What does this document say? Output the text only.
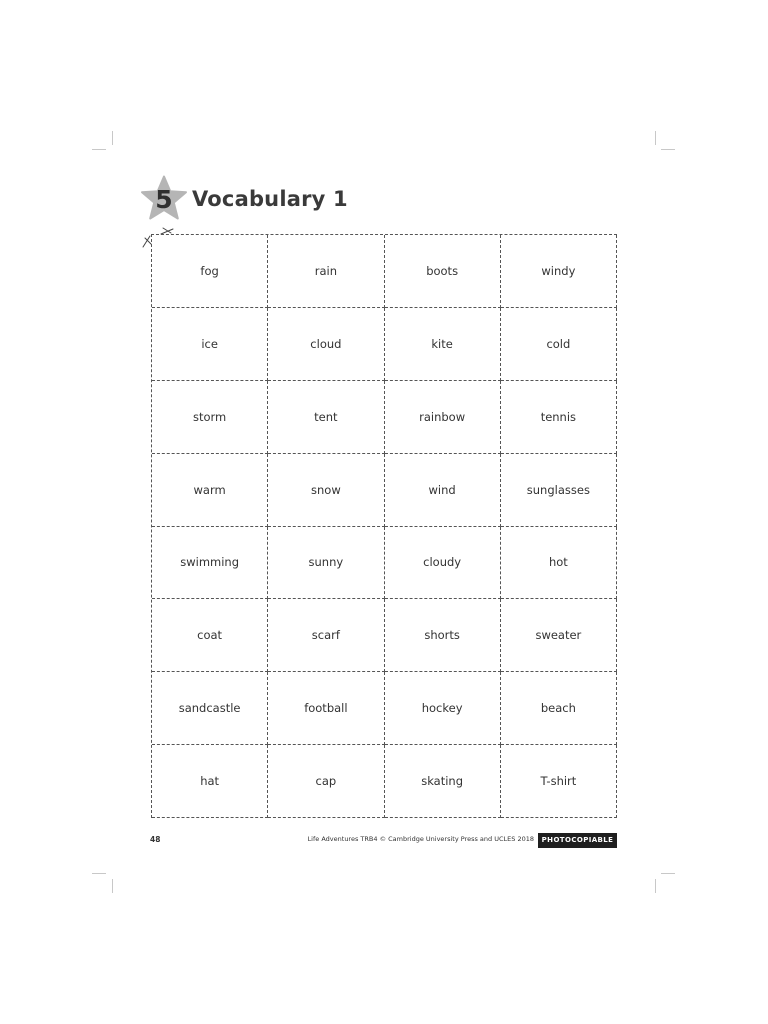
5 Vocabulary 1
fog	rain	boots	windy
ice	cloud	kite	cold
storm	tent	rainbow	tennis
warm	snow	wind	sunglasses
swimming	sunny	cloudy	hot
coat	scarf	shorts	sweater
sandcastle	football	hockey	beach
hat	cap	skating	T-shirt
48	Life Adventures TRB4 © Cambridge University Press and UCLES 2018	PHOTOCOPIABLE
